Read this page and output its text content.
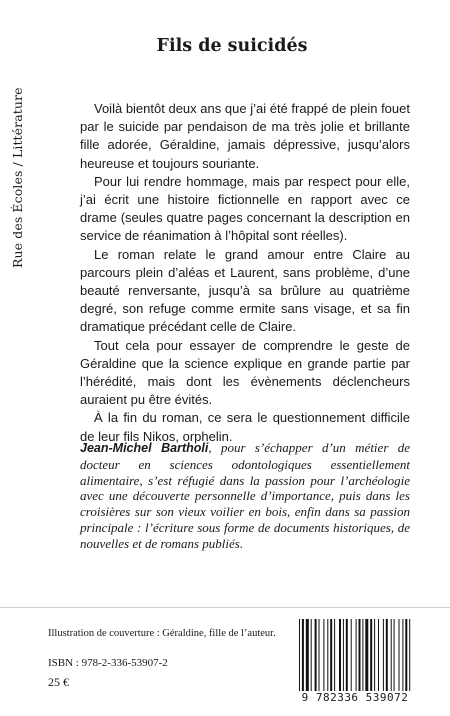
Rue des Écoles / Littérature
Fils de suicidés

Voilà bientôt deux ans que j’ai été frappé de plein fouet par le suicide par pendaison de ma très jolie et brillante fille adorée, Géraldine, jamais dépressive, jusqu’alors heureuse et toujours souriante.

Pour lui rendre hommage, mais par respect pour elle, j’ai écrit une histoire fictionnelle en rapport avec ce drame (seules quatre pages concernant la description en service de réanimation à l’hôpital sont réelles).

Le roman relate le grand amour entre Claire au parcours plein d’aléas et Laurent, sans problème, d’une beauté renversante, jusqu’à sa brûlure au quatrième degré, son refuge comme ermite sans visage, et sa fin dramatique précédant celle de Claire.

Tout cela pour essayer de comprendre le geste de Géraldine que la science explique en grande partie par l’hérédité, mais dont les évènements déclencheurs auraient pu être évités.

À la fin du roman, ce sera le questionnement difficile de leur fils Nikos, orphelin.

Jean-Michel Bartholi, pour s’échapper d’un métier de docteur en sciences odontologiques essentiellement alimentaire, s’est réfugié dans la passion pour l’archéologie avec une découverte personnelle d’importance, puis dans les croisières sur son vieux voilier en bois, enfin dans sa passion principale : l’écriture sous forme de documents historiques, de nouvelles et de romans publiés.
Illustration de couverture : Géraldine, fille de l’auteur.
ISBN : 978-2-336-53907-2
25 €
9 782336 539072
